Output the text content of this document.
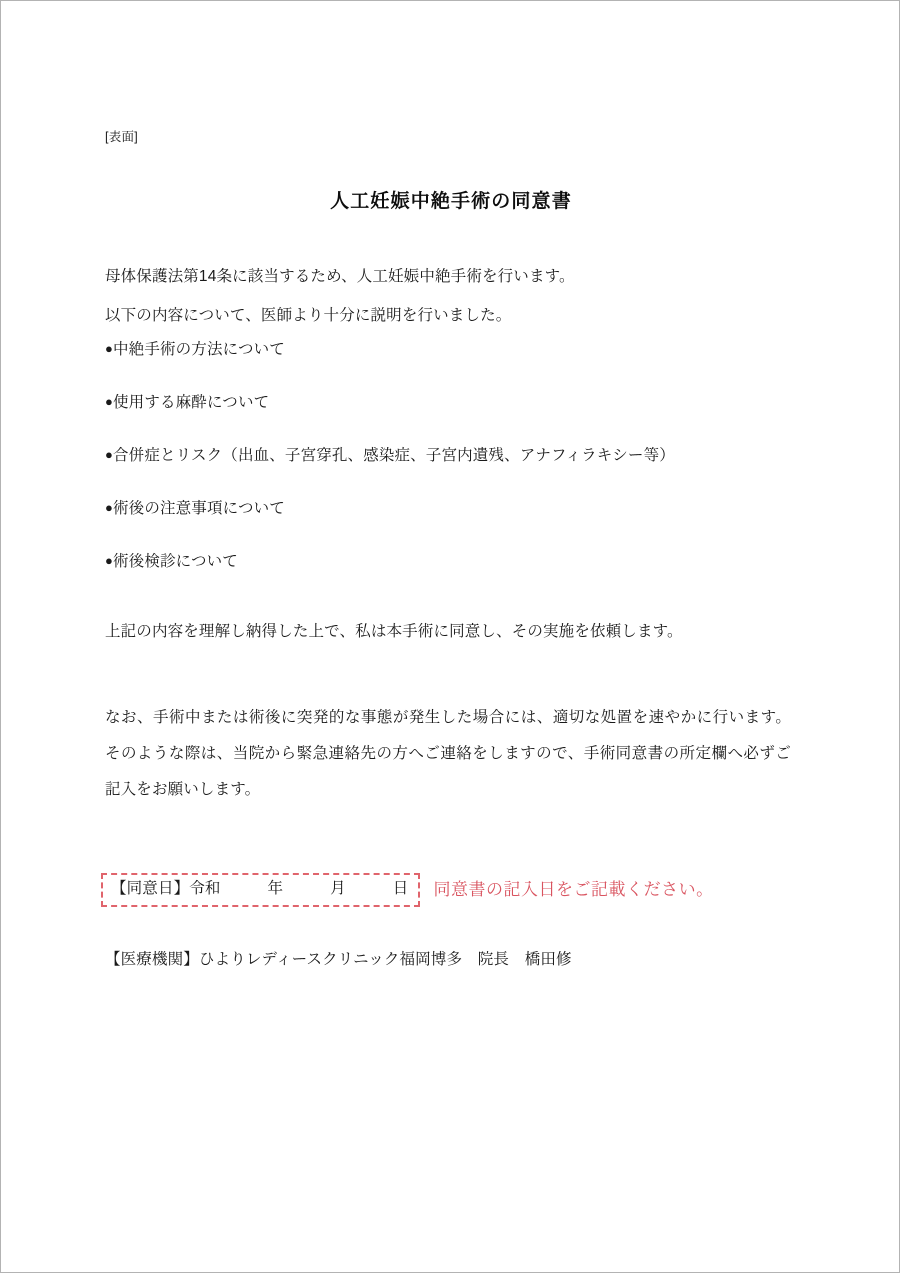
[表面]
人工妊娠中絶手術の同意書

母体保護法第14条に該当するため、人工妊娠中絶手術を行います。

以下の内容について、医師より十分に説明を行いました。

●中絶手術の方法について
●使用する麻酔について
●合併症とリスク（出血、子宮穿孔、感染症、子宮内遺残、アナフィラキシー等）
●術後の注意事項について
●術後検診について

上記の内容を理解し納得した上で、私は本手術に同意し、その実施を依頼します。

なお、手術中または術後に突発的な事態が発生した場合には、適切な処置を速やかに行います。そのような際は、当院から緊急連絡先の方へご連絡をしますので、手術同意書の所定欄へ必ずご記入をお願いします。

【同意日】令和　　　年　　　月　　　日	同意書の記入日をご記載ください。

【医療機関】ひよりレディースクリニック福岡博多　院長　橋田修
